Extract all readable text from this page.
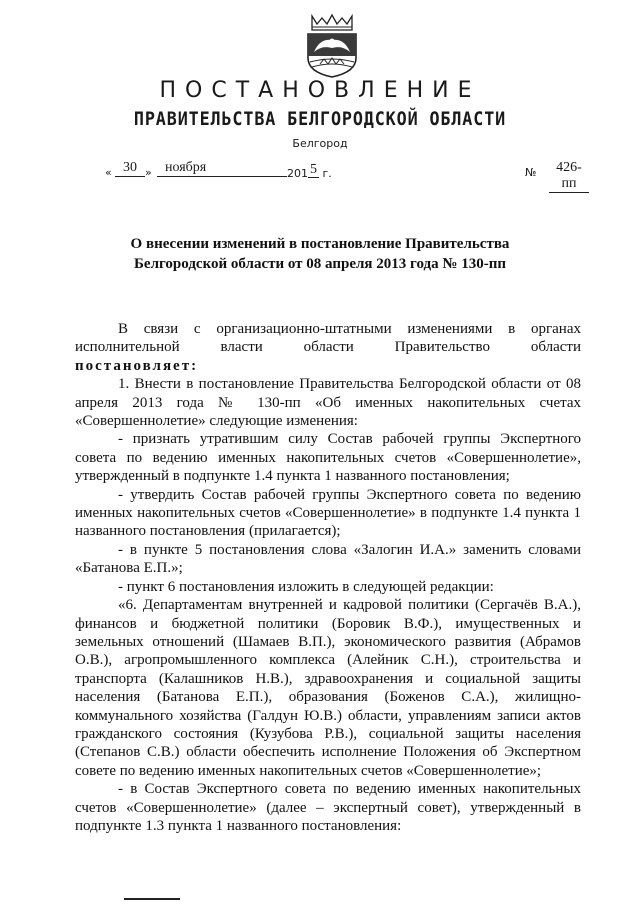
ПОСТАНОВЛЕНИЕ
ПРАВИТЕЛЬСТВА БЕЛГОРОДСКОЙ ОБЛАСТИ
Белгород
« 30 » ноября	201 5 г.	№	426-пп
О внесении изменений в постановление Правительства
Белгородской области от 08 апреля 2013 года № 130-пп

В связи с организационно-штатными изменениями в органах исполнительной власти области Правительство области

постановляет:

1. Внести в постановление Правительства Белгородской области от 08 апреля 2013 года № 130-пп «Об именных накопительных счетах «Совершеннолетие» следующие изменения:

- признать утратившим силу Состав рабочей группы Экспертного совета по ведению именных накопительных счетов «Совершеннолетие», утвержденный в подпункте 1.4 пункта 1 названного постановления;

- утвердить Состав рабочей группы Экспертного совета по ведению именных накопительных счетов «Совершеннолетие» в подпункте 1.4 пункта 1 названного постановления (прилагается);

- в пункте 5 постановления слова «Залогин И.А.» заменить словами «Батанова Е.П.»;

- пункт 6 постановления изложить в следующей редакции:

«6. Департаментам внутренней и кадровой политики (Сергачёв В.А.), финансов и бюджетной политики (Боровик В.Ф.), имущественных и земельных отношений (Шамаев В.П.), экономического развития (Абрамов О.В.), агропромышленного комплекса (Алейник С.Н.), строительства и транспорта (Калашников Н.В.), здравоохранения и социальной защиты населения (Батанова Е.П.), образования (Боженов С.А.), жилищно-коммунального хозяйства (Галдун Ю.В.) области, управлениям записи актов гражданского состояния (Кузубова Р.В.), социальной защиты населения (Степанов С.В.) области обеспечить исполнение Положения об Экспертном совете по ведению именных накопительных счетов «Совершеннолетие»;

- в Состав Экспертного совета по ведению именных накопительных счетов «Совершеннолетие» (далее – экспертный совет), утвержденный в подпункте 1.3 пункта 1 названного постановления:
